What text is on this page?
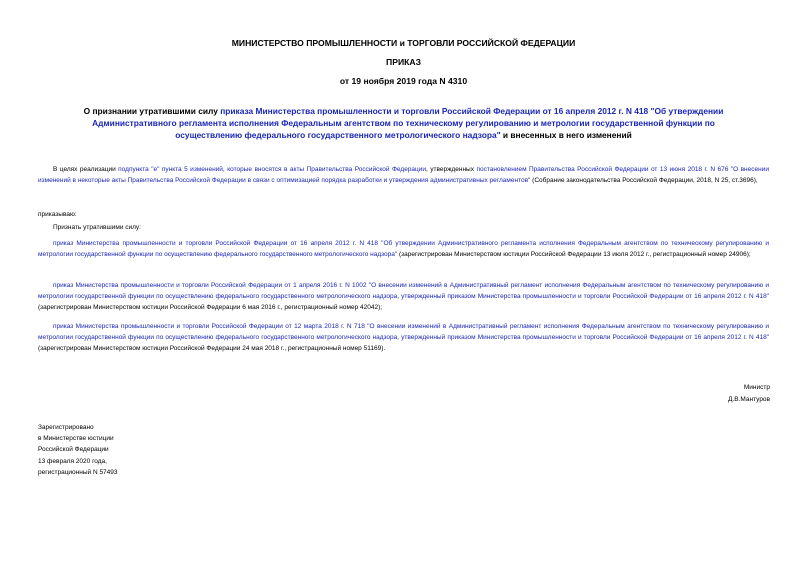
МИНИСТЕРСТВО ПРОМЫШЛЕННОСТИ и ТОРГОВЛИ РОССИЙСКОЙ ФЕДЕРАЦИИ
ПРИКАЗ
от 19 ноября 2019 года N 4310
О признании утратившими силу приказа Министерства промышленности и торговли Российской Федерации от 16 апреля 2012 г. N 418 "Об утверждении Административного регламента исполнения Федеральным агентством по техническому регулированию и метрологии государственной функции по осуществлению федерального государственного метрологического надзора" и внесенных в него изменений
В целях реализации подпункта "е" пункта 5 изменений, которые вносятся в акты Правительства Российской Федерации, утвержденных постановлением Правительства Российской Федерации от 13 июня 2018 г. N 676 "О внесении изменений в некоторые акты Правительства Российской Федерации в связи с оптимизацией порядка разработки и утверждения административных регламентов" (Собрание законодательства Российской Федерации, 2018, N 25, ст.3696),
приказываю:
Признать утратившими силу:
приказ Министерства промышленности и торговли Российской Федерации от 16 апреля 2012 г. N 418 "Об утверждении Административного регламента исполнения Федеральным агентством по техническому регулированию и метрологии государственной функции по осуществлению федерального государственного метрологического надзора" (зарегистрирован Министерством юстиции Российской Федерации 13 июля 2012 г., регистрационный номер 24906);
приказ Министерства промышленности и торговли Российской Федерации от 1 апреля 2016 г. N 1002 "О внесении изменений в Административный регламент исполнения Федеральным агентством по техническому регулированию и метрологии государственной функции по осуществлению федерального государственного метрологического надзора, утвержденный приказом Министерства промышленности и торговли Российской Федерации от 16 апреля 2012 г. N 418" (зарегистрирован Министерством юстиции Российской Федерации 6 мая 2016 г., регистрационный номер 42042);
приказ Министерства промышленности и торговли Российской Федерации от 12 марта 2018 г. N 718 "О внесении изменений в Административный регламент исполнения Федеральным агентством по техническому регулированию и метрологии государственной функции по осуществлению федерального государственного метрологического надзора, утвержденный приказом Министерства промышленности и торговли Российской Федерации от 16 апреля 2012 г. N 418" (зарегистрирован Министерством юстиции Российской Федерации 24 мая 2018 г., регистрационный номер 51169).
Министр
Д.В.Мантуров
Зарегистрировано
в Министерстве юстиции
Российской Федерации
13 февраля 2020 года,
регистрационный N 57493
